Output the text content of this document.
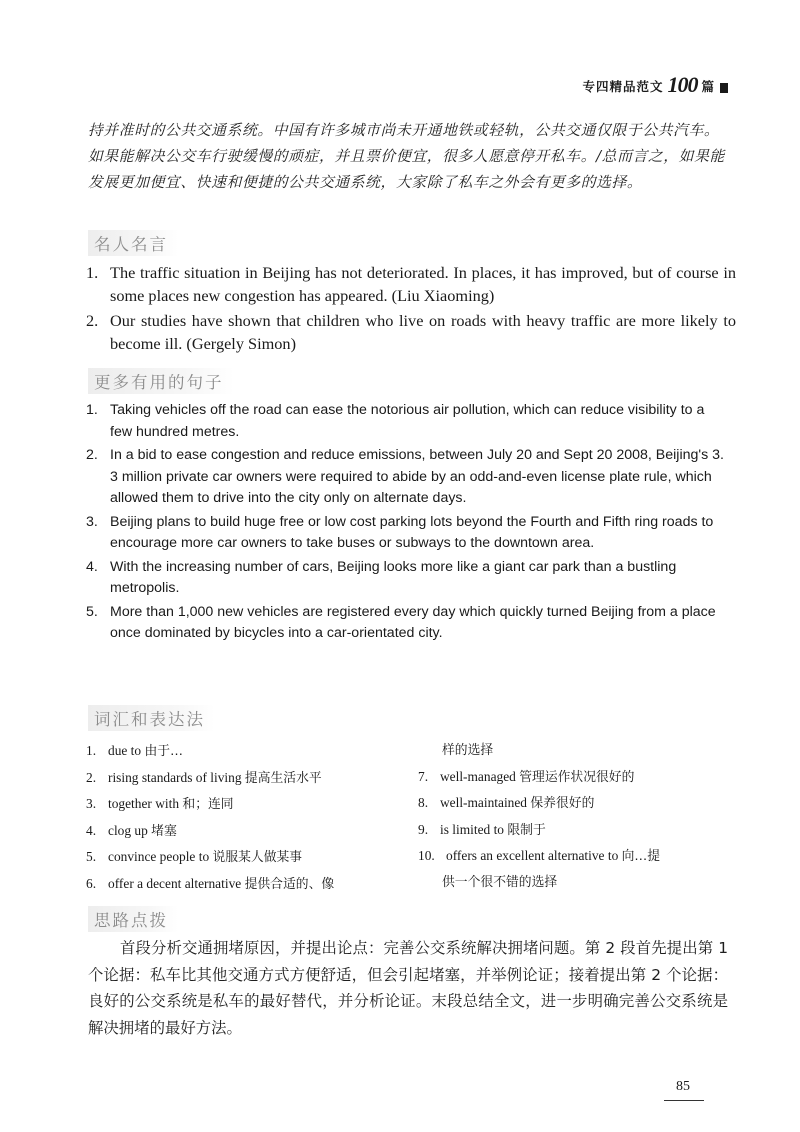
专四精品范文 100 篇
持并准时的公共交通系统。中国有许多城市尚未开通地铁或轻轨，公共交通仅限于公共汽车。如果能解决公交车行驶缓慢的顽症，并且票价便宜，很多人愿意停开私车。/总而言之，如果能发展更加便宜、快速和便捷的公共交通系统，大家除了私车之外会有更多的选择。
名人名言
1. The traffic situation in Beijing has not deteriorated. In places, it has improved, but of course in some places new congestion has appeared. (Liu Xiaoming)
2. Our studies have shown that children who live on roads with heavy traffic are more likely to become ill. (Gergely Simon)
更多有用的句子
1. Taking vehicles off the road can ease the notorious air pollution, which can reduce visibility to a few hundred metres.
2. In a bid to ease congestion and reduce emissions, between July 20 and Sept 20 2008, Beijing's 3. 3 million private car owners were required to abide by an odd-and-even license plate rule, which allowed them to drive into the city only on alternate days.
3. Beijing plans to build huge free or low cost parking lots beyond the Fourth and Fifth ring roads to encourage more car owners to take buses or subways to the downtown area.
4. With the increasing number of cars, Beijing looks more like a giant car park than a bustling metropolis.
5. More than 1,000 new vehicles are registered every day which quickly turned Beijing from a place once dominated by bicycles into a car-orientated city.
词汇和表达法
1. due to 由于…
2. rising standards of living 提高生活水平
3. together with 和；连同
4. clog up 堵塞
5. convince people to 说服某人做某事
6. offer a decent alternative 提供合适的、像
样的选择
7. well-managed 管理运作状况很好的
8. well-maintained 保养很好的
9. is limited to 限制于
10. offers an excellent alternative to 向…提
供一个很不错的选择
思路点拨
首段分析交通拥堵原因，并提出论点：完善公交系统解决拥堵问题。第 2 段首先提出第 1 个论据：私车比其他交通方式方便舒适，但会引起堵塞，并举例论证；接着提出第 2 个论据：良好的公交系统是私车的最好替代，并分析论证。末段总结全文，进一步明确完善公交系统是解决拥堵的最好方法。
85
